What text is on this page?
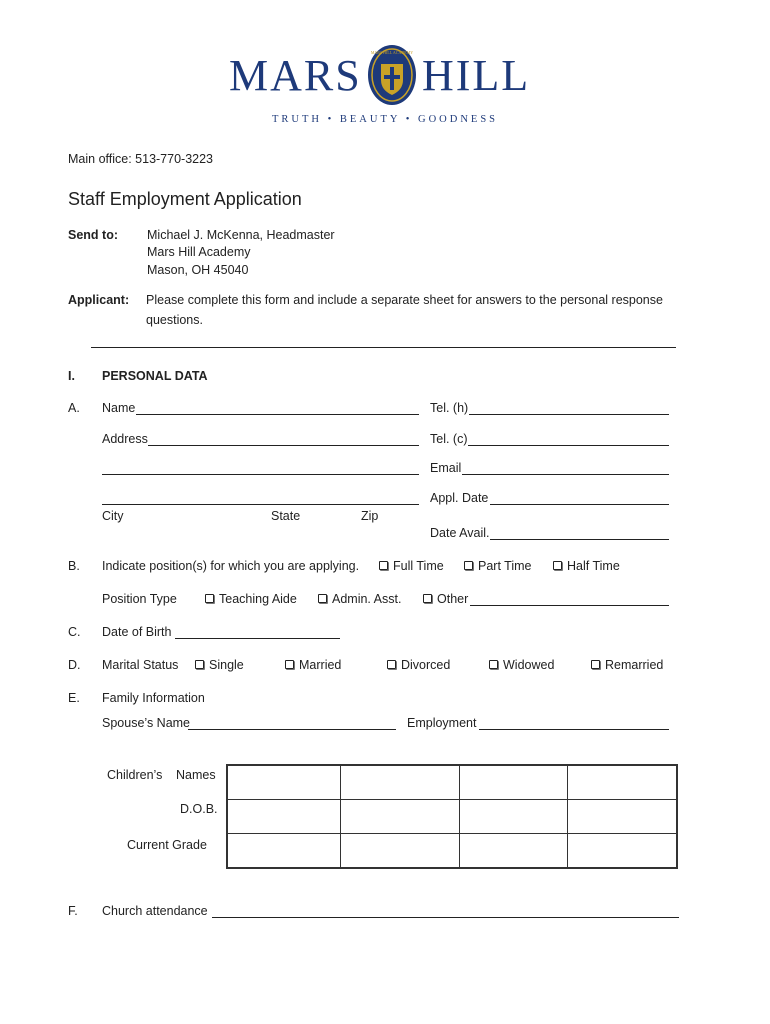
MARS MARS HILL ACADEMY HILL
TRUTH • BEAUTY • GOODNESS
Main office: 513-770-3223
Staff Employment Application
Send to: Michael J. McKenna, Headmaster
Mars Hill Academy
Mason, OH 45040
Applicant: Please complete this form and include a separate sheet for answers to the personal response
questions.
I. PERSONAL DATA
A. Name
Address
City	State	Zip
Tel. (h)
Tel. (c)
Email
Appl. Date
Date Avail.
B. Indicate position(s) for which you are applying.	Full Time	Part Time	Half Time
Position Type	Teaching Aide	Admin. Asst.	Other
C. Date of Birth
D. Marital Status Single	Married	Divorced	Widowed	Remarried
E. Family Information
Spouse’s Name	Employment
Children’s Names
D.O.B.
Current Grade

F. Church attendance
